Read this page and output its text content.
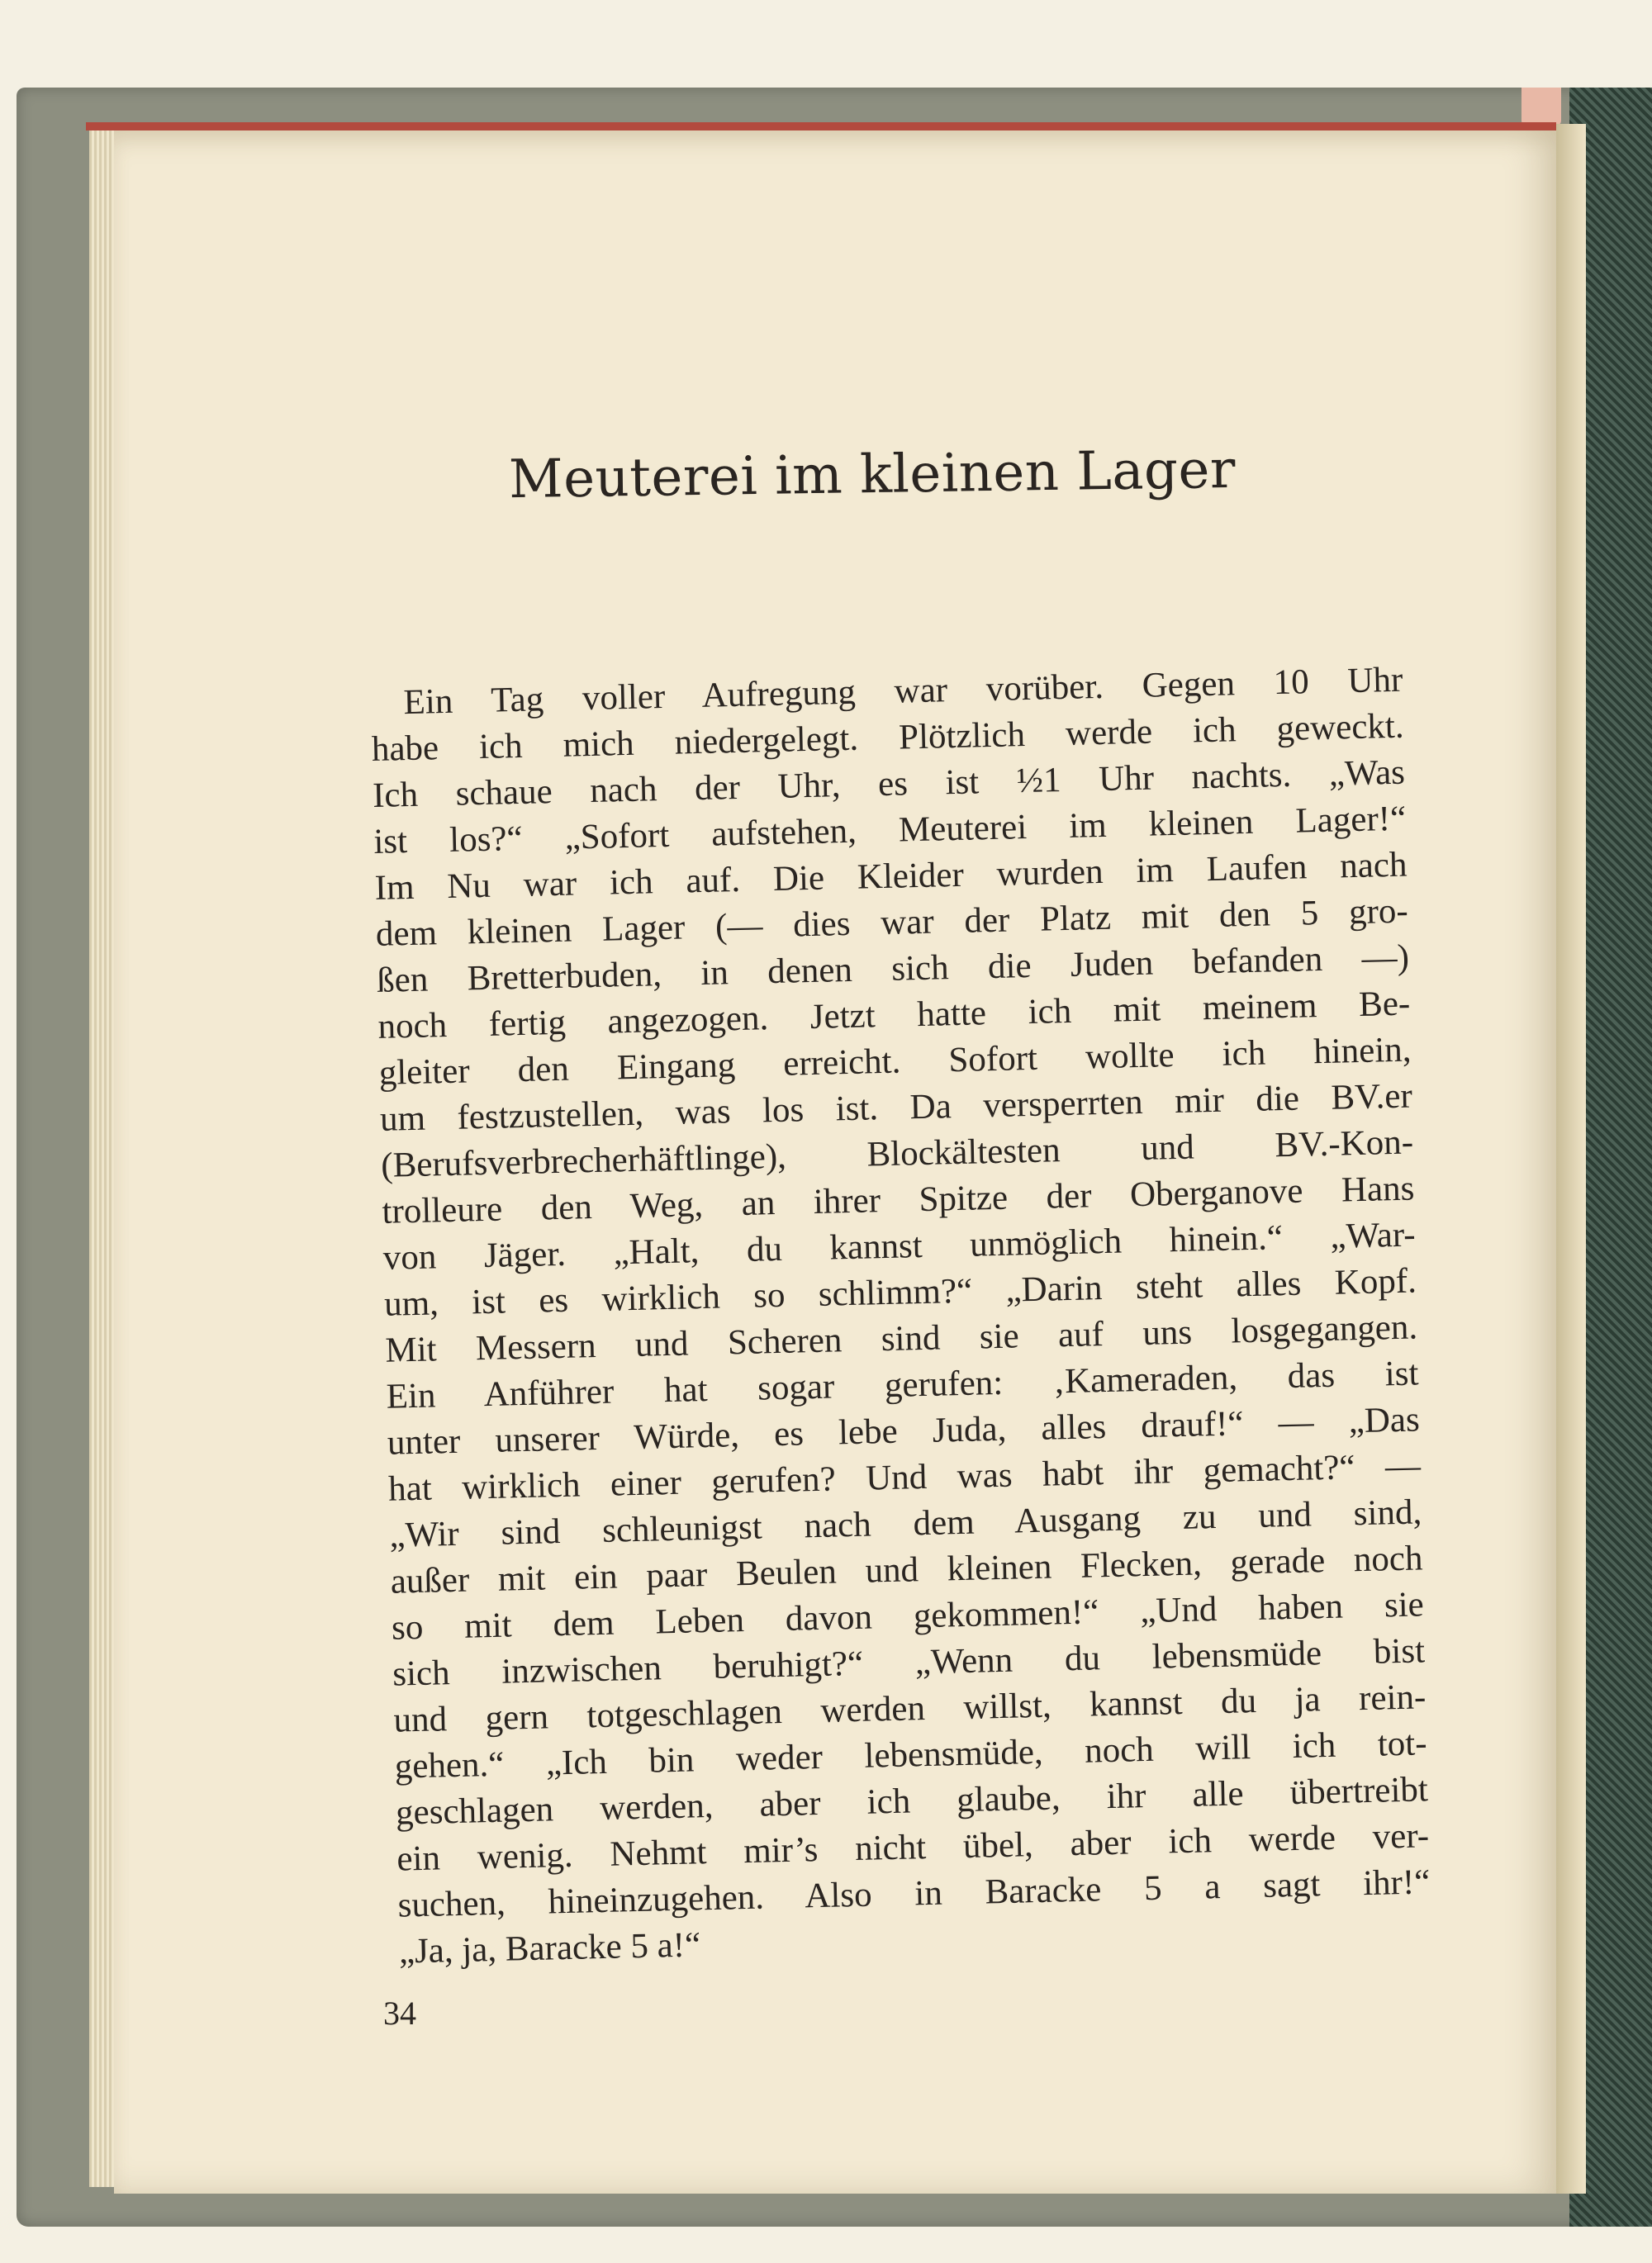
Meuterei im kleinen Lager
Ein Tag voller Aufregung war vorüber. Gegen 10 Uhr
habe ich mich niedergelegt. Plötzlich werde ich geweckt.
Ich schaue nach der Uhr, es ist ½1 Uhr nachts. „Was
ist los?“ „Sofort aufstehen, Meuterei im kleinen Lager!“
Im Nu war ich auf. Die Kleider wurden im Laufen nach
dem kleinen Lager (— dies war der Platz mit den 5 gro-
ßen Bretterbuden, in denen sich die Juden befanden —)
noch fertig angezogen. Jetzt hatte ich mit meinem Be-
gleiter den Eingang erreicht. Sofort wollte ich hinein,
um festzustellen, was los ist. Da versperrten mir die BV.er
(Berufsverbrecherhäftlinge), Blockältesten und BV.-Kon-
trolleure den Weg, an ihrer Spitze der Oberganove Hans
von Jäger. „Halt, du kannst unmöglich hinein.“ „War-
um, ist es wirklich so schlimm?“ „Darin steht alles Kopf.
Mit Messern und Scheren sind sie auf uns losgegangen.
Ein Anführer hat sogar gerufen: ‚Kameraden, das ist
unter unserer Würde, es lebe Juda, alles drauf!“ — „Das
hat wirklich einer gerufen? Und was habt ihr gemacht?“ —
„Wir sind schleunigst nach dem Ausgang zu und sind,
außer mit ein paar Beulen und kleinen Flecken, gerade noch
so mit dem Leben davon gekommen!“ „Und haben sie
sich inzwischen beruhigt?“ „Wenn du lebensmüde bist
und gern totgeschlagen werden willst, kannst du ja rein-
gehen.“ „Ich bin weder lebensmüde, noch will ich tot-
geschlagen werden, aber ich glaube, ihr alle übertreibt
ein wenig. Nehmt mir’s nicht übel, aber ich werde ver-
suchen, hineinzugehen. Also in Baracke 5 a sagt ihr!“
„Ja, ja, Baracke 5 a!“
34
